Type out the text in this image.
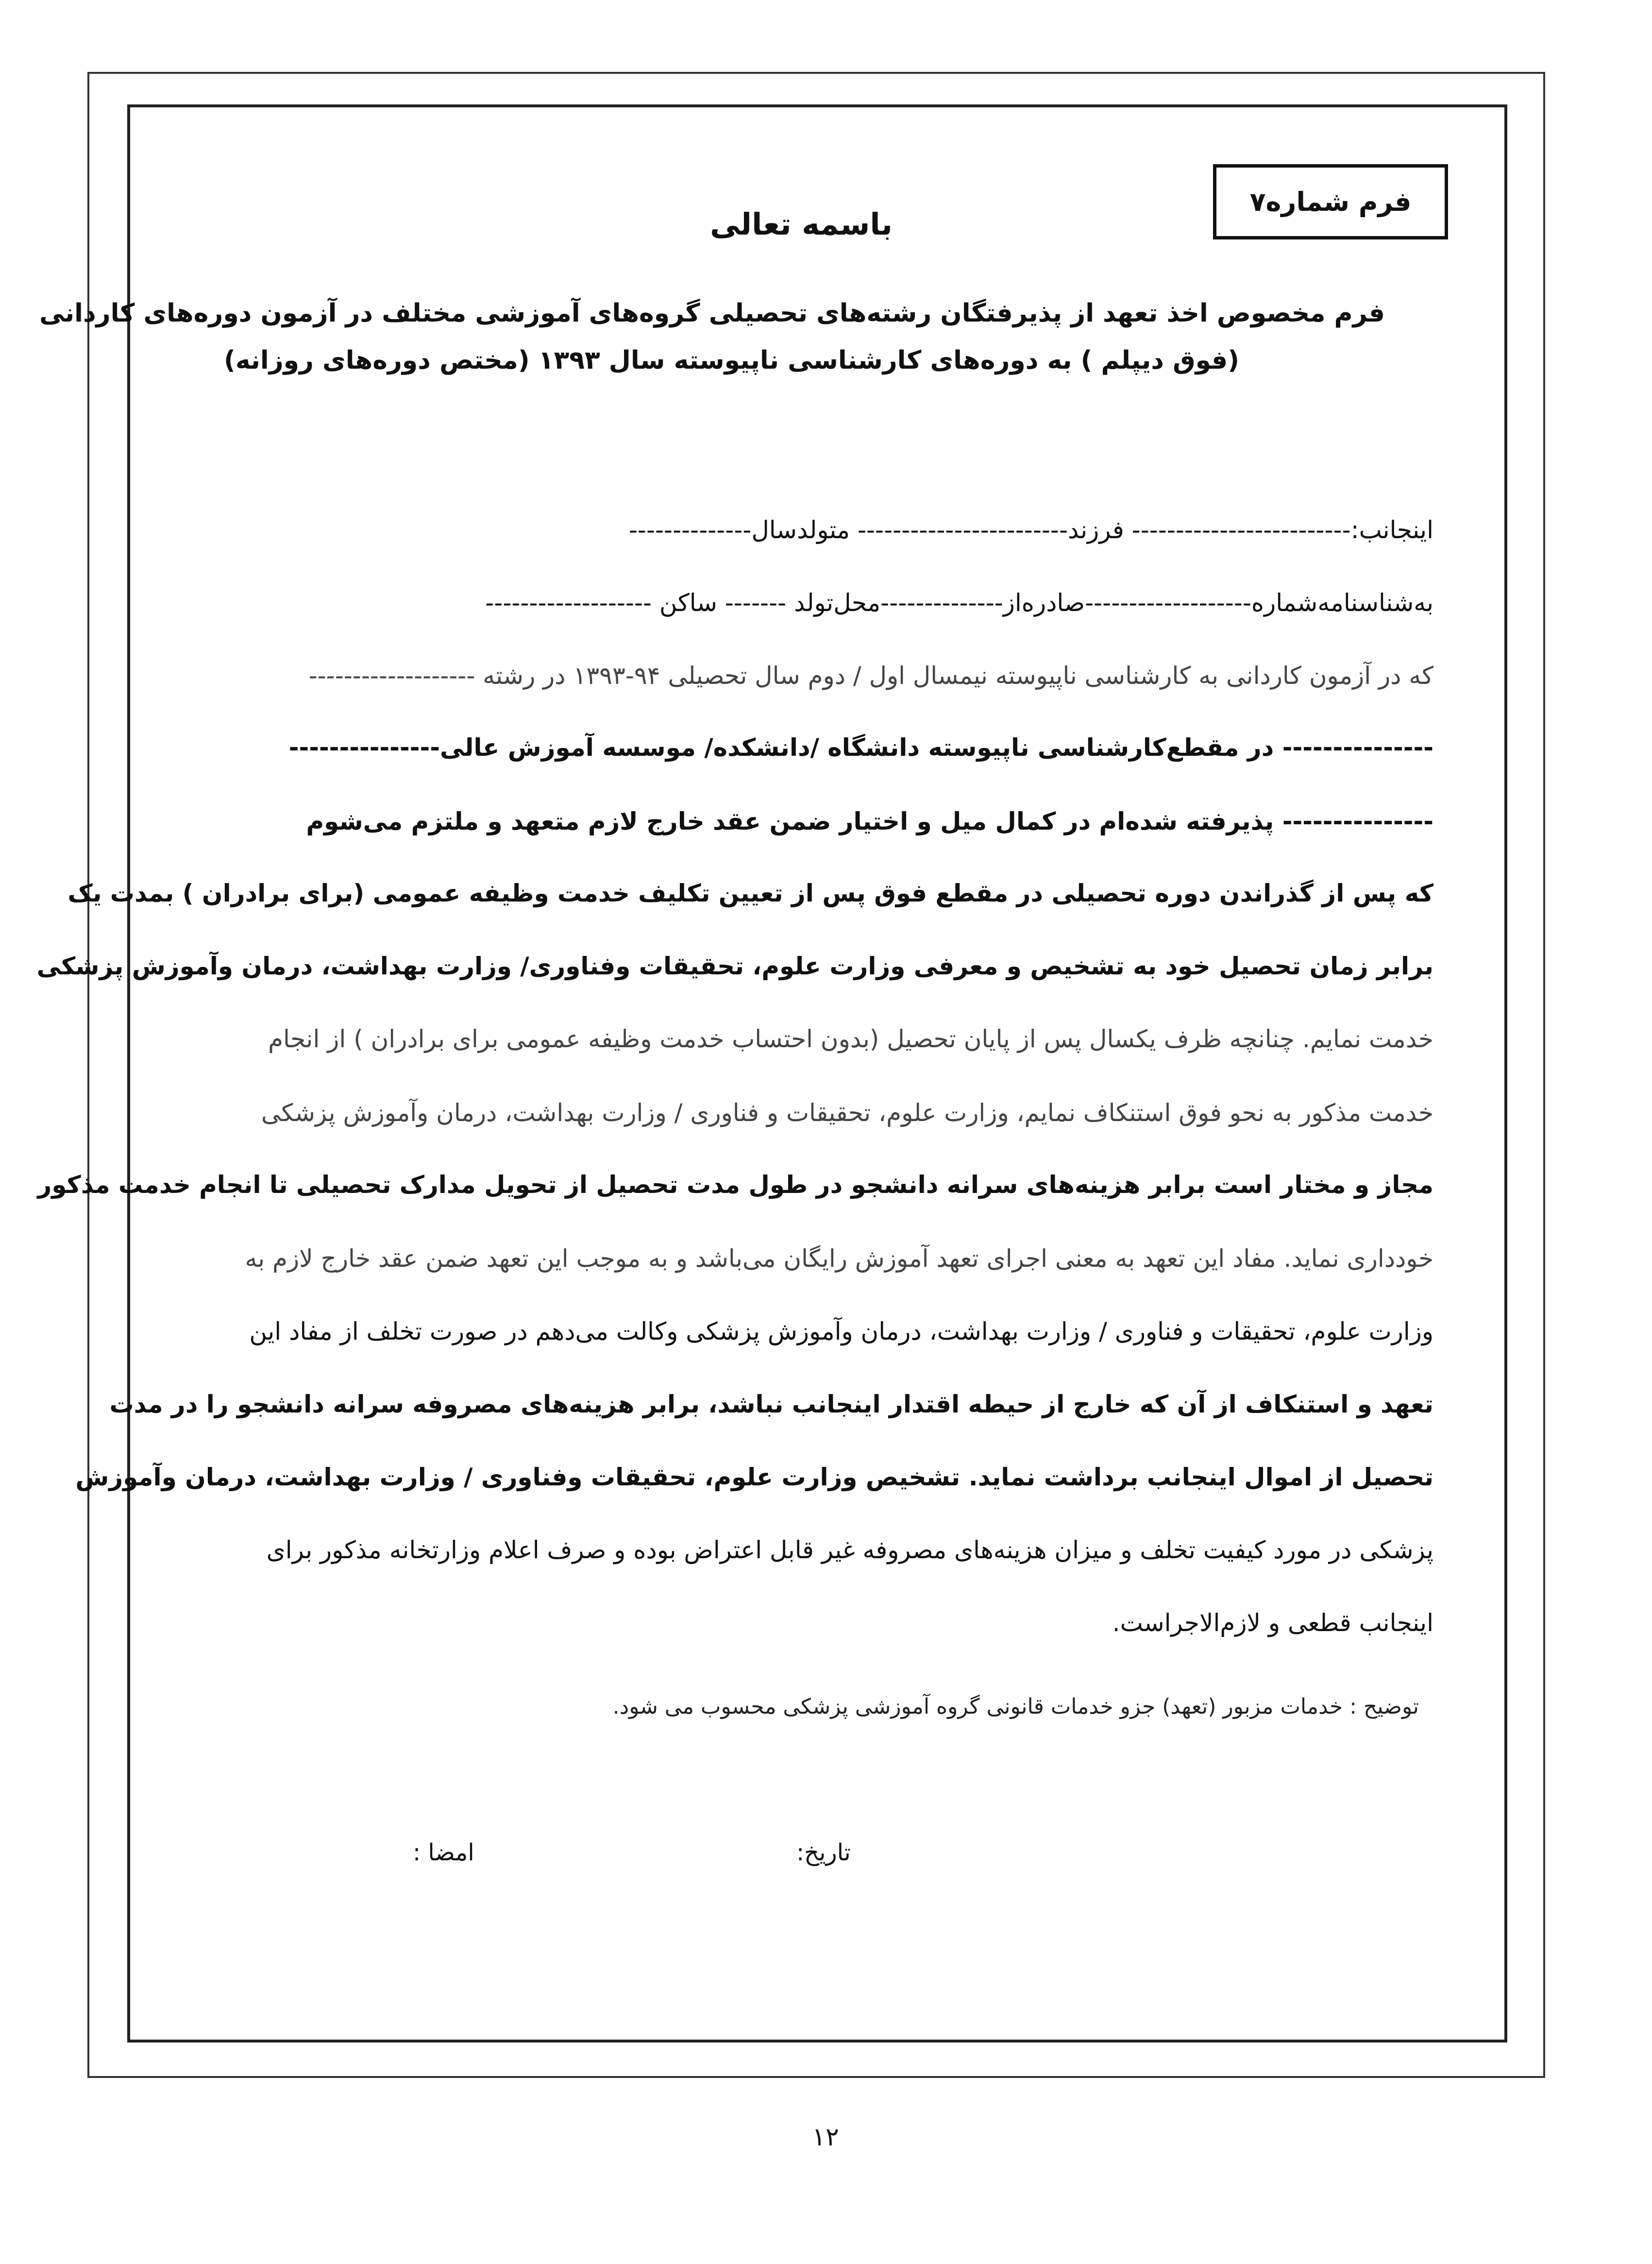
فرم شماره۷
باسمه تعالی
فرم مخصوص اخذ تعهد از پذیرفتگان رشته‌های تحصیلی گروه‌های آموزشی مختلف در آزمون دوره‌های کاردانی
(فوق دیپلم ) به دوره‌های کارشناسی ناپیوسته سال ۱۳۹۳ (مختص دوره‌های روزانه)
اینجانب:------------------------- فرزند------------------------ متولدسال--------------
به‌شناسنامه‌شماره-------------------صادره‌از--------------محل‌تولد ------- ساکن -------------------
که در آزمون کاردانی به کارشناسی ناپیوسته نیمسال اول / دوم سال تحصیلی ۹۴-۱۳۹۳ در رشته -------------------
--------------- در مقطع‌کارشناسی ناپیوسته دانشگاه /دانشکده/ موسسه آموزش عالی---------------
--------------- پذیرفته شده‌ام در کمال میل و اختیار ضمن عقد خارج لازم متعهد و ملتزم می‌شوم
که پس از گذراندن دوره تحصیلی در مقطع فوق پس از تعیین تکلیف خدمت وظیفه عمومی (برای برادران ) بمدت یک
برابر زمان تحصیل خود به تشخیص و معرفی وزارت علوم، تحقیقات وفناوری/ وزارت بهداشت، درمان وآموزش پزشکی
خدمت نمایم. چنانچه ظرف یکسال پس از پایان تحصیل (بدون احتساب خدمت وظیفه عمومی برای برادران ) از انجام
خدمت مذکور به نحو فوق استنکاف نمایم، وزارت علوم، تحقیقات و فناوری / وزارت بهداشت، درمان وآموزش پزشکی
مجاز و مختار است برابر هزینه‌های سرانه دانشجو در طول مدت تحصیل از تحویل مدارک تحصیلی تا انجام خدمت مذکور
خودداری نماید. مفاد این تعهد به معنی اجرای تعهد آموزش رایگان می‌باشد و به موجب این تعهد ضمن عقد خارج لازم به
وزارت علوم، تحقیقات و فناوری / وزارت بهداشت، درمان وآموزش پزشکی وکالت می‌دهم در صورت تخلف از مفاد این
تعهد و استنکاف از آن که خارج از حیطه اقتدار اینجانب نباشد، برابر هزینه‌های مصروفه سرانه دانشجو را در مدت
تحصیل از اموال اینجانب برداشت نماید. تشخیص وزارت علوم، تحقیقات وفناوری / وزارت بهداشت، درمان وآموزش
پزشکی در مورد کیفیت تخلف و میزان هزینه‌های مصروفه غیر قابل اعتراض بوده و صرف اعلام وزارتخانه مذکور برای
اینجانب قطعی و لازم‌الاجراست.
توضیح : خدمات مزبور (تعهد) جزو خدمات قانونی گروه آموزشی پزشکی محسوب می شود.
تاریخ:
امضا :
۱۲
